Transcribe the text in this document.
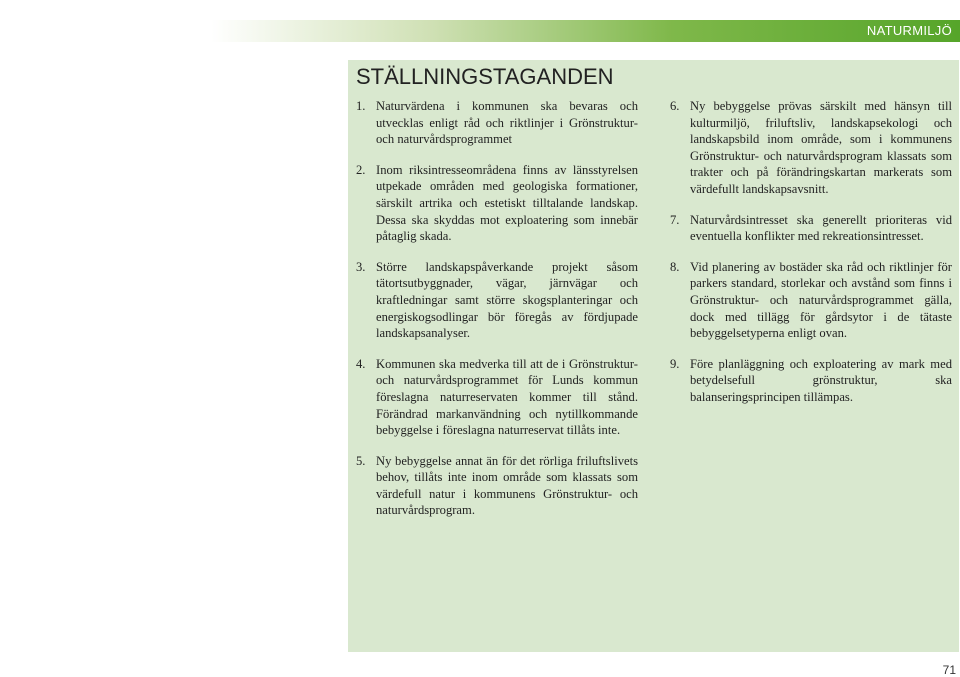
NATURMILJÖ
STÄLLNINGSTAGANDEN
1. Naturvärdena i kommunen ska bevaras och utvecklas enligt råd och riktlinjer i Grönstruktur- och naturvårdsprogrammet
2. Inom riksintresseområdena finns av länsstyrelsen utpekade områden med geologiska formationer, särskilt artrika och estetiskt tilltalande landskap. Dessa ska skyddas mot exploatering som innebär påtaglig skada.
3. Större landskapspåverkande projekt såsom tätortsutbyggnader, vägar, järnvägar och kraftledningar samt större skogsplanteringar och energiskogsodlingar bör föregås av fördjupade landskapsanalyser.
4. Kommunen ska medverka till att de i Grönstruktur- och naturvårdsprogrammet för Lunds kommun föreslagna naturreservaten kommer till stånd. Förändrad markanvändning och nytillkommande bebyggelse i föreslagna naturreservat tillåts inte.
5. Ny bebyggelse annat än för det rörliga friluftslivets behov, tillåts inte inom område som klassats som värdefull natur i kommunens Grönstruktur- och naturvårdsprogram.
6. Ny bebyggelse prövas särskilt med hänsyn till kulturmiljö, friluftsliv, landskapsekologi och landskapsbild inom område, som i kommunens Grönstruktur- och naturvårdsprogram klassats som trakter och på förändringskartan markerats som värdefullt landskapsavsnitt.
7. Naturvårdsintresset ska generellt prioriteras vid eventuella konflikter med rekreationsintresset.
8. Vid planering av bostäder ska råd och riktlinjer för parkers standard, storlekar och avstånd som finns i Grönstruktur- och naturvårdsprogrammet gälla, dock med tillägg för gårdsytor i de tätaste bebyggelsetyperna enligt ovan.
9. Före planläggning och exploatering av mark med betydelsefull grönstruktur, ska balanseringsprincipen tillämpas.
71
